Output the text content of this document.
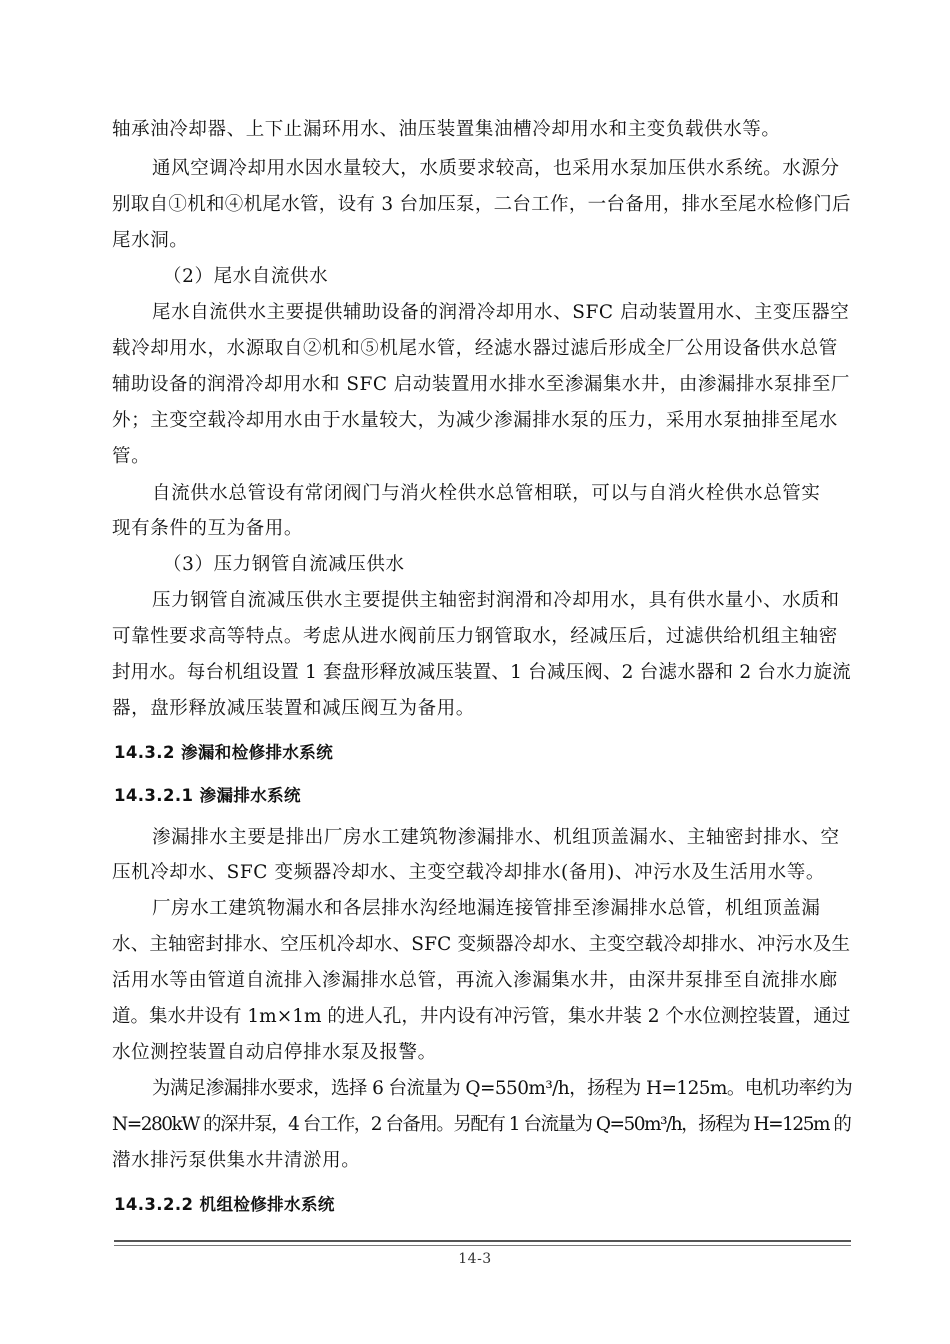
轴承油冷却器、上下止漏环用水、油压装置集油槽冷却用水和主变负载供水等。
通风空调冷却用水因水量较大，水质要求较高，也采用水泵加压供水系统。水源分
别取自①机和④机尾水管，设有 3 台加压泵，二台工作，一台备用，排水至尾水检修门后
尾水洞。
（2）尾水自流供水
尾水自流供水主要提供辅助设备的润滑冷却用水、SFC 启动装置用水、主变压器空
载冷却用水，水源取自②机和⑤机尾水管，经滤水器过滤后形成全厂公用设备供水总管
辅助设备的润滑冷却用水和 SFC 启动装置用水排水至渗漏集水井，由渗漏排水泵排至厂
外；主变空载冷却用水由于水量较大，为减少渗漏排水泵的压力，采用水泵抽排至尾水
管。
自流供水总管设有常闭阀门与消火栓供水总管相联，可以与自消火栓供水总管实
现有条件的互为备用。
（3）压力钢管自流减压供水
压力钢管自流减压供水主要提供主轴密封润滑和冷却用水，具有供水量小、水质和
可靠性要求高等特点。考虑从进水阀前压力钢管取水，经减压后，过滤供给机组主轴密
封用水。每台机组设置 1 套盘形释放减压装置、1 台减压阀、2 台滤水器和 2 台水力旋流
器，盘形释放减压装置和减压阀互为备用。
14.3.2 渗漏和检修排水系统
14.3.2.1 渗漏排水系统
渗漏排水主要是排出厂房水工建筑物渗漏排水、机组顶盖漏水、主轴密封排水、空
压机冷却水、SFC 变频器冷却水、主变空载冷却排水(备用)、冲污水及生活用水等。
厂房水工建筑物漏水和各层排水沟经地漏连接管排至渗漏排水总管，机组顶盖漏
水、主轴密封排水、空压机冷却水、SFC 变频器冷却水、主变空载冷却排水、冲污水及生
活用水等由管道自流排入渗漏排水总管，再流入渗漏集水井，由深井泵排至自流排水廊
道。集水井设有 1m×1m 的进人孔，井内设有冲污管，集水井装 2 个水位测控装置，通过
水位测控装置自动启停排水泵及报警。
为满足渗漏排水要求，选择 6 台流量为 Q=550m³/h，扬程为 H=125m。电机功率约为
N=280kW 的深井泵，4 台工作，2 台备用。另配有 1 台流量为 Q=50m³/h，扬程为 H=125m 的
潜水排污泵供集水井清淤用。
14.3.2.2 机组检修排水系统
14-3
